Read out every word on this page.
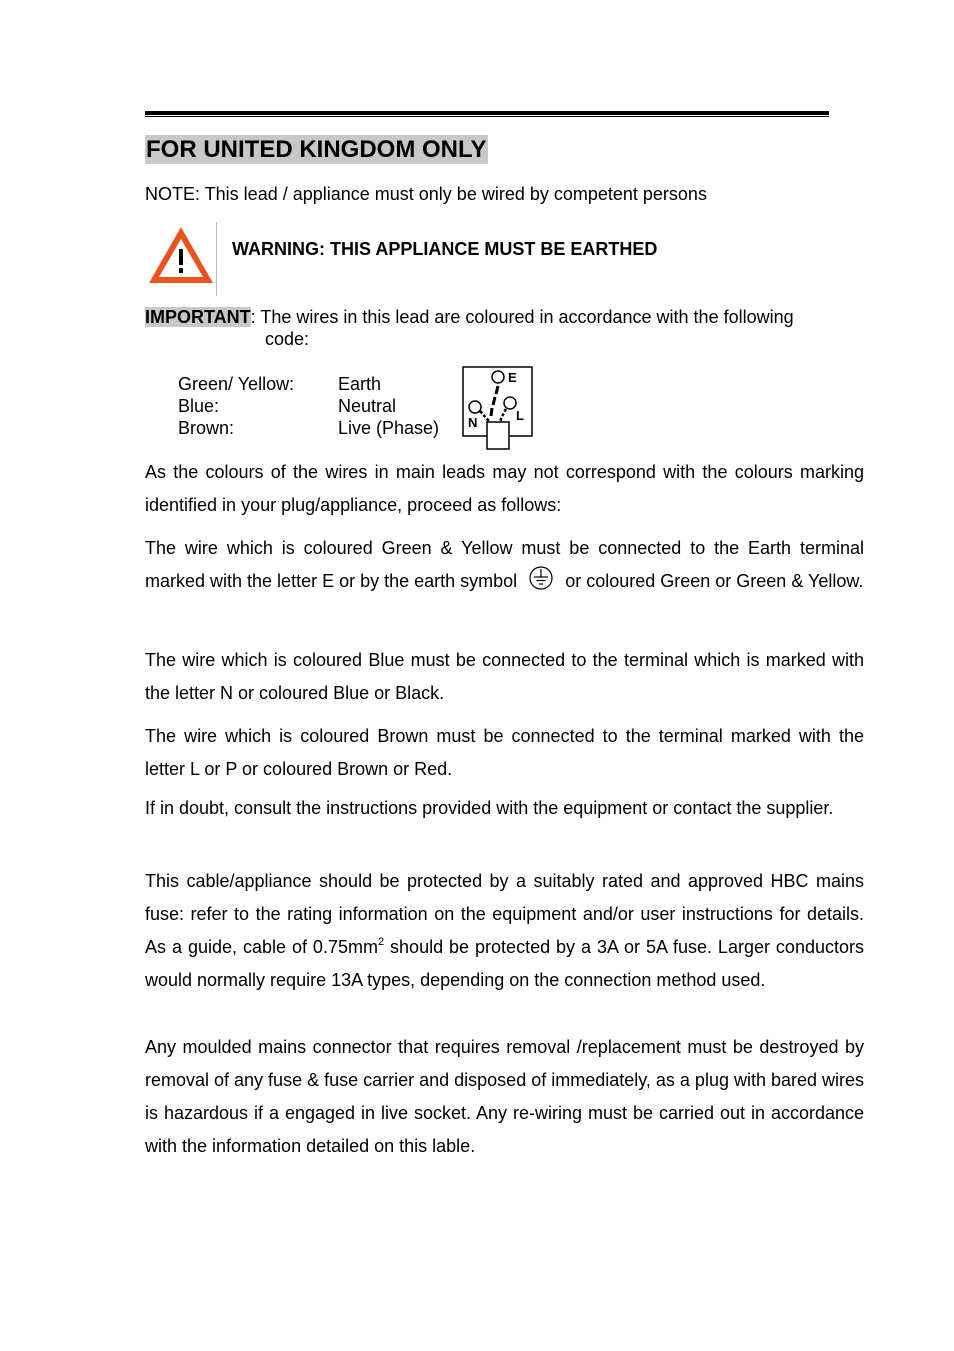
FOR UNITED KINGDOM ONLY
NOTE: This lead / appliance must only be wired by competent persons
WARNING: THIS APPLIANCE MUST BE EARTHED
IMPORTANT: The wires in this lead are coloured in accordance with the following
code:
Green/ Yellow:	Earth
Blue:	Neutral
Brown:	Live (Phase)
E
N	L

As the colours of the wires in main leads may not correspond with the colours marking identified in your plug/appliance, proceed as follows:

The wire which is coloured Green & Yellow must be connected to the Earth terminal marked with the letter E or by the earth symbol	or coloured Green or Green & Yellow.

The wire which is coloured Blue must be connected to the terminal which is marked with the letter N or coloured Blue or Black.

The wire which is coloured Brown must be connected to the terminal marked with the letter L or P or coloured Brown or Red.

If in doubt, consult the instructions provided with the equipment or contact the supplier.

This cable/appliance should be protected by a suitably rated and approved HBC mains fuse: refer to the rating information on the equipment and/or user instructions for details. As a guide, cable of $0.75mm^2$ should be protected by a 3A or 5A fuse. Larger conductors would normally require 13A types, depending on the connection method used.

Any moulded mains connector that requires removal /replacement must be destroyed by removal of any fuse & fuse carrier and disposed of immediately, as a plug with bared wires is hazardous if a engaged in live socket. Any re-wiring must be carried out in accordance with the information detailed on this lable.
